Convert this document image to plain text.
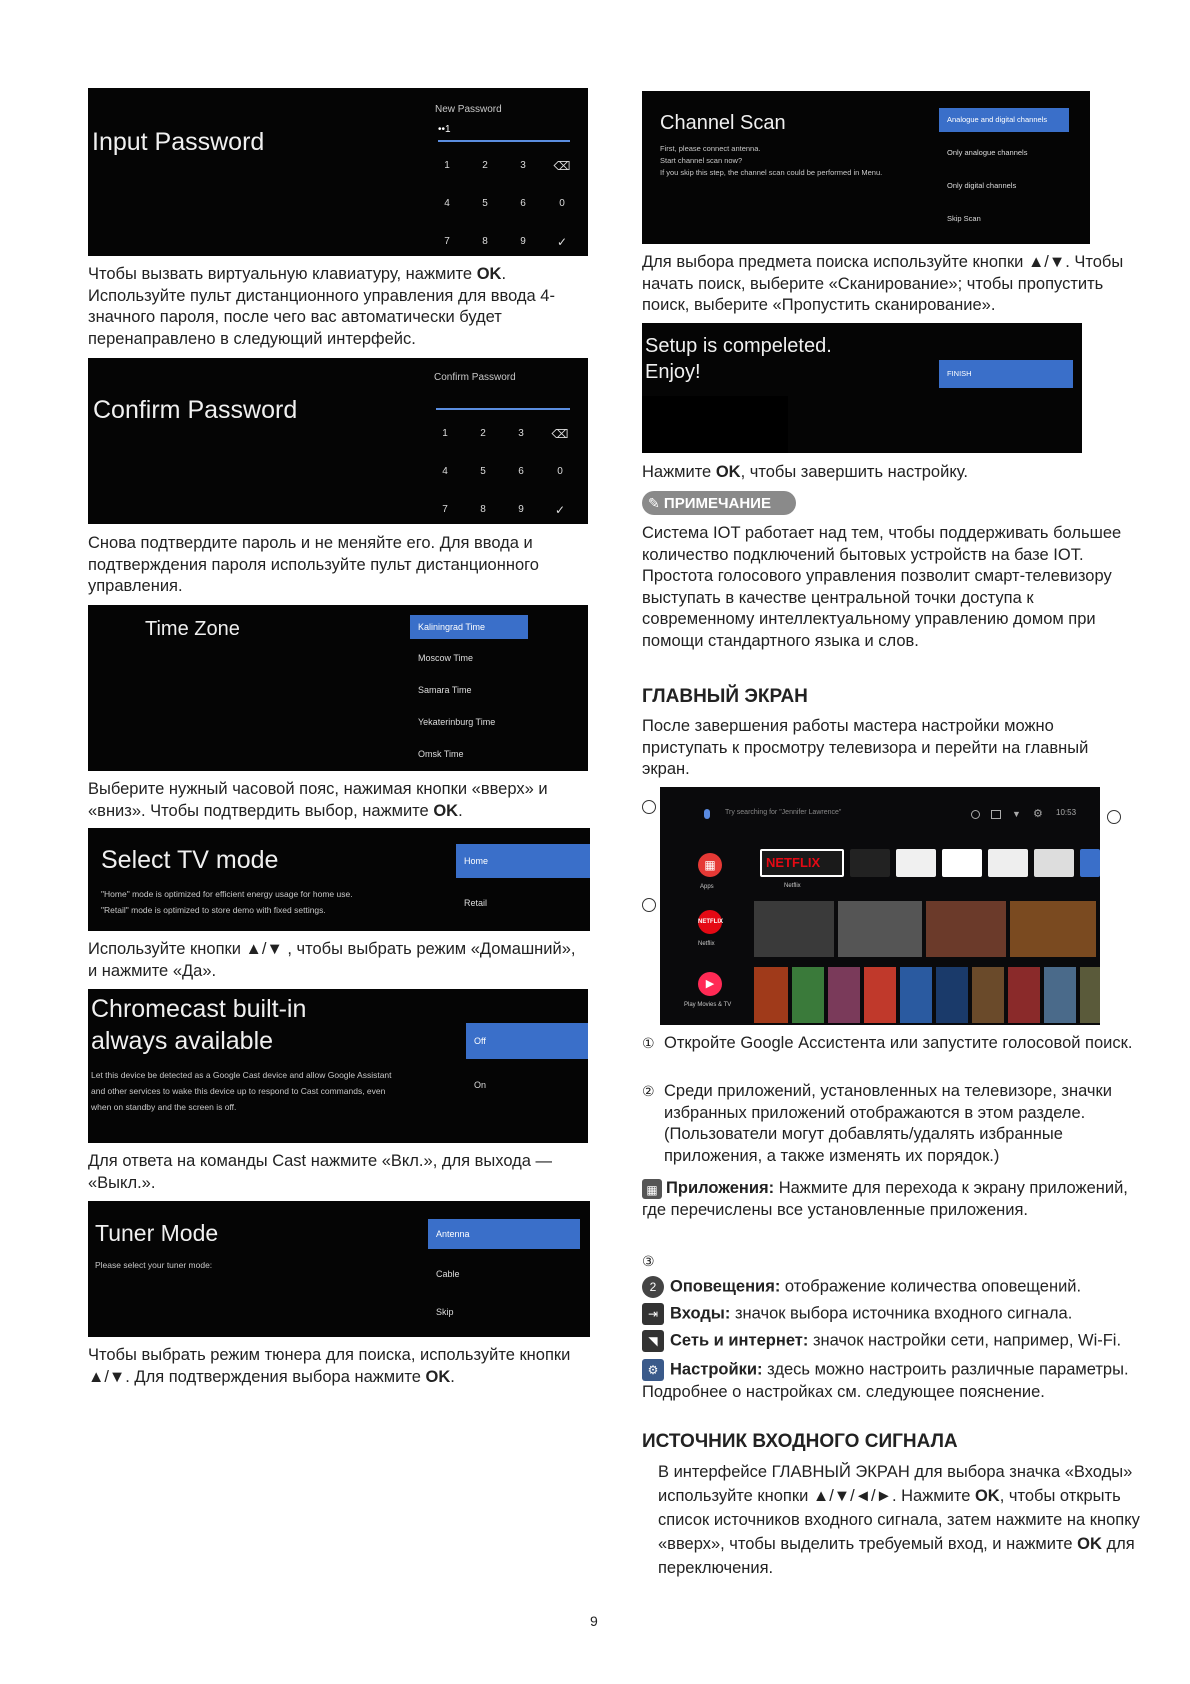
Input Password
New Password
••1
1	2	3	⌫
4	5	6	0
7	8	9	✓
Чтобы вызвать виртуальную клавиатуру, нажмите OK. Используйте пульт дистанционного управления для ввода 4-значного пароля, после чего вас автоматически будет перенаправлено в следующий интерфейс.
Confirm Password
Confirm Password
1	2	3	⌫
4	5	6	0
7	8	9	✓
Снова подтвердите пароль и не меняйте его. Для ввода и подтверждения пароля используйте пульт дистанционного управления.
Time Zone	Kaliningrad Time
Moscow Time
Samara Time
Yekaterinburg Time
Omsk Time
Выберите нужный часовой пояс, нажимая кнопки «вверх» и «вниз». Чтобы подтвердить выбор, нажмите OK.
Select TV mode
"Home" mode is optimized for efficient energy usage for home use.
"Retail" mode is optimized to store demo with fixed settings.
Home
Retail
Используйте кнопки ▲/▼ , чтобы выбрать режим «Домашний», и нажмите «Да».
Chromecast built-in
always available
Let this device be detected as a Google Cast device and allow Google Assistant and other services to wake this device up to respond to Cast commands, even when on standby and the screen is off.
Off
On
Для ответа на команды Cast нажмите «Вкл.», для выхода — «Выкл.».
Tuner Mode
Please select your tuner mode:
Antenna
Cable
Skip
Чтобы выбрать режим тюнера для поиска, используйте кнопки ▲/▼. Для подтверждения выбора нажмите OK.
Channel Scan
First, please connect antenna.
Start channel scan now?
If you skip this step, the channel scan could be performed in Menu.
Analogue and digital channels
Only analogue channels
Only digital channels
Skip Scan
Для выбора предмета поиска используйте кнопки ▲/▼. Чтобы начать поиск, выберите «Сканирование»; чтобы пропустить поиск, выберите «Пропустить сканирование».
Setup is compeleted.
Enjoy!	FINISH
Нажмите OK, чтобы завершить настройку.
✎ ПРИМЕЧАНИЕ
Система IOT работает над тем, чтобы поддерживать большее количество подключений бытовых устройств на базе IOT. Простота голосового управления позволит смарт-телевизору выступать в качестве центральной точки доступа к современному интеллектуальному управлению домом при помощи стандартного языка и слов.
ГЛАВНЫЙ ЭКРАН
После завершения работы мастера настройки можно приступать к просмотру телевизора и перейти на главный экран.
Try searching for "Jennifer Lawrence"	▼ ⚙ 10:53
▦
Apps
NETFLIX
Netflix
NETFLIX
Netflix
▶
Play Movies & TV
① Откройте Google Ассистента или запустите голосовой поиск.
② Среди приложений, установленных на телевизоре, значки избранных приложений отображаются в этом разделе. (Пользователи могут добавлять/удалять избранные приложения, а также изменять их порядок.)
▦ Приложения: Нажмите для перехода к экрану приложений, где перечислены все установленные приложения.
③
2 Оповещения: отображение количества оповещений.
⇥ Входы: значок выбора источника входного сигнала.
◥ Сеть и интернет: значок настройки сети, например, Wi-Fi.
⚙ Настройки: здесь можно настроить различные параметры.
Подробнее о настройках см. следующее пояснение.
ИСТОЧНИК ВХОДНОГО СИГНАЛА
В интерфейсе ГЛАВНЫЙ ЭКРАН для выбора значка «Входы» используйте кнопки ▲/▼/◄/►. Нажмите OK, чтобы открыть список источников входного сигнала, затем нажмите на кнопку «вверх», чтобы выделить требуемый вход, и нажмите OK для переключения.
9
